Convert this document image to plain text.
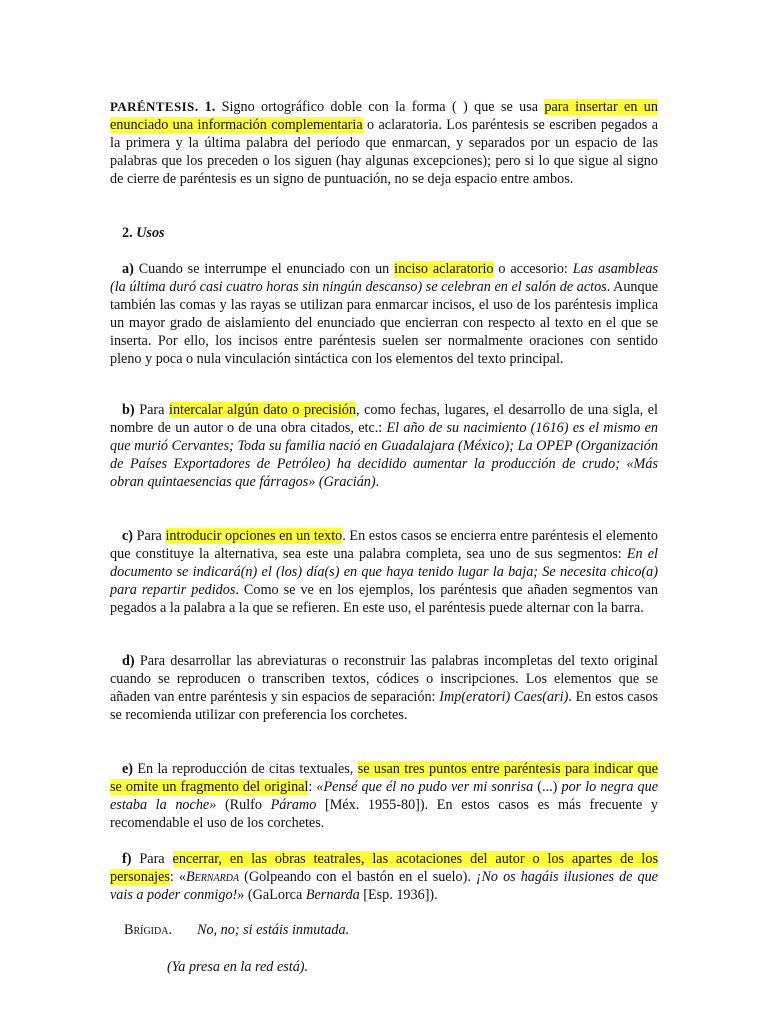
PARÉNTESIS. 1. Signo ortográfico doble con la forma ( ) que se usa para insertar en un enunciado una información complementaria o aclaratoria. Los paréntesis se escriben pegados a la primera y la última palabra del período que enmarcan, y separados por un espacio de las palabras que los preceden o los siguen (hay algunas excepciones); pero si lo que sigue al signo de cierre de paréntesis es un signo de puntuación, no se deja espacio entre ambos.

2. Usos

a) Cuando se interrumpe el enunciado con un inciso aclaratorio o accesorio: Las asambleas (la última duró casi cuatro horas sin ningún descanso) se celebran en el salón de actos. Aunque también las comas y las rayas se utilizan para enmarcar incisos, el uso de los paréntesis implica un mayor grado de aislamiento del enunciado que encierran con respecto al texto en el que se inserta. Por ello, los incisos entre paréntesis suelen ser normalmente oraciones con sentido pleno y poca o nula vinculación sintáctica con los elementos del texto principal.

b) Para intercalar algún dato o precisión, como fechas, lugares, el desarrollo de una sigla, el nombre de un autor o de una obra citados, etc.: El año de su nacimiento (1616) es el mismo en que murió Cervantes; Toda su familia nació en Guadalajara (México); La OPEP (Organización de Países Exportadores de Petróleo) ha decidido aumentar la producción de crudo; «Más obran quintaesencias que fárragos» (Gracián).

c) Para introducir opciones en un texto. En estos casos se encierra entre paréntesis el elemento que constituye la alternativa, sea este una palabra completa, sea uno de sus segmentos: En el documento se indicará(n) el (los) día(s) en que haya tenido lugar la baja; Se necesita chico(a) para repartir pedidos. Como se ve en los ejemplos, los paréntesis que añaden segmentos van pegados a la palabra a la que se refieren. En este uso, el paréntesis puede alternar con la barra.

d) Para desarrollar las abreviaturas o reconstruir las palabras incompletas del texto original cuando se reproducen o transcriben textos, códices o inscripciones. Los elementos que se añaden van entre paréntesis y sin espacios de separación: Imp(eratori) Caes(ari). En estos casos se recomienda utilizar con preferencia los corchetes.

e) En la reproducción de citas textuales, se usan tres puntos entre paréntesis para indicar que se omite un fragmento del original: «Pensé que él no pudo ver mi sonrisa (...) por lo negra que estaba la noche» (Rulfo Páramo [Méx. 1955-80]). En estos casos es más frecuente y recomendable el uso de los corchetes.

f) Para encerrar, en las obras teatrales, las acotaciones del autor o los apartes de los personajes: «Bernarda (Golpeando con el bastón en el suelo). ¡No os hagáis ilusiones de que vais a poder conmigo!» (GaLorca Bernarda [Esp. 1936]).

Brígida. No, no; si estáis inmutada.
(Ya presa en la red está).
